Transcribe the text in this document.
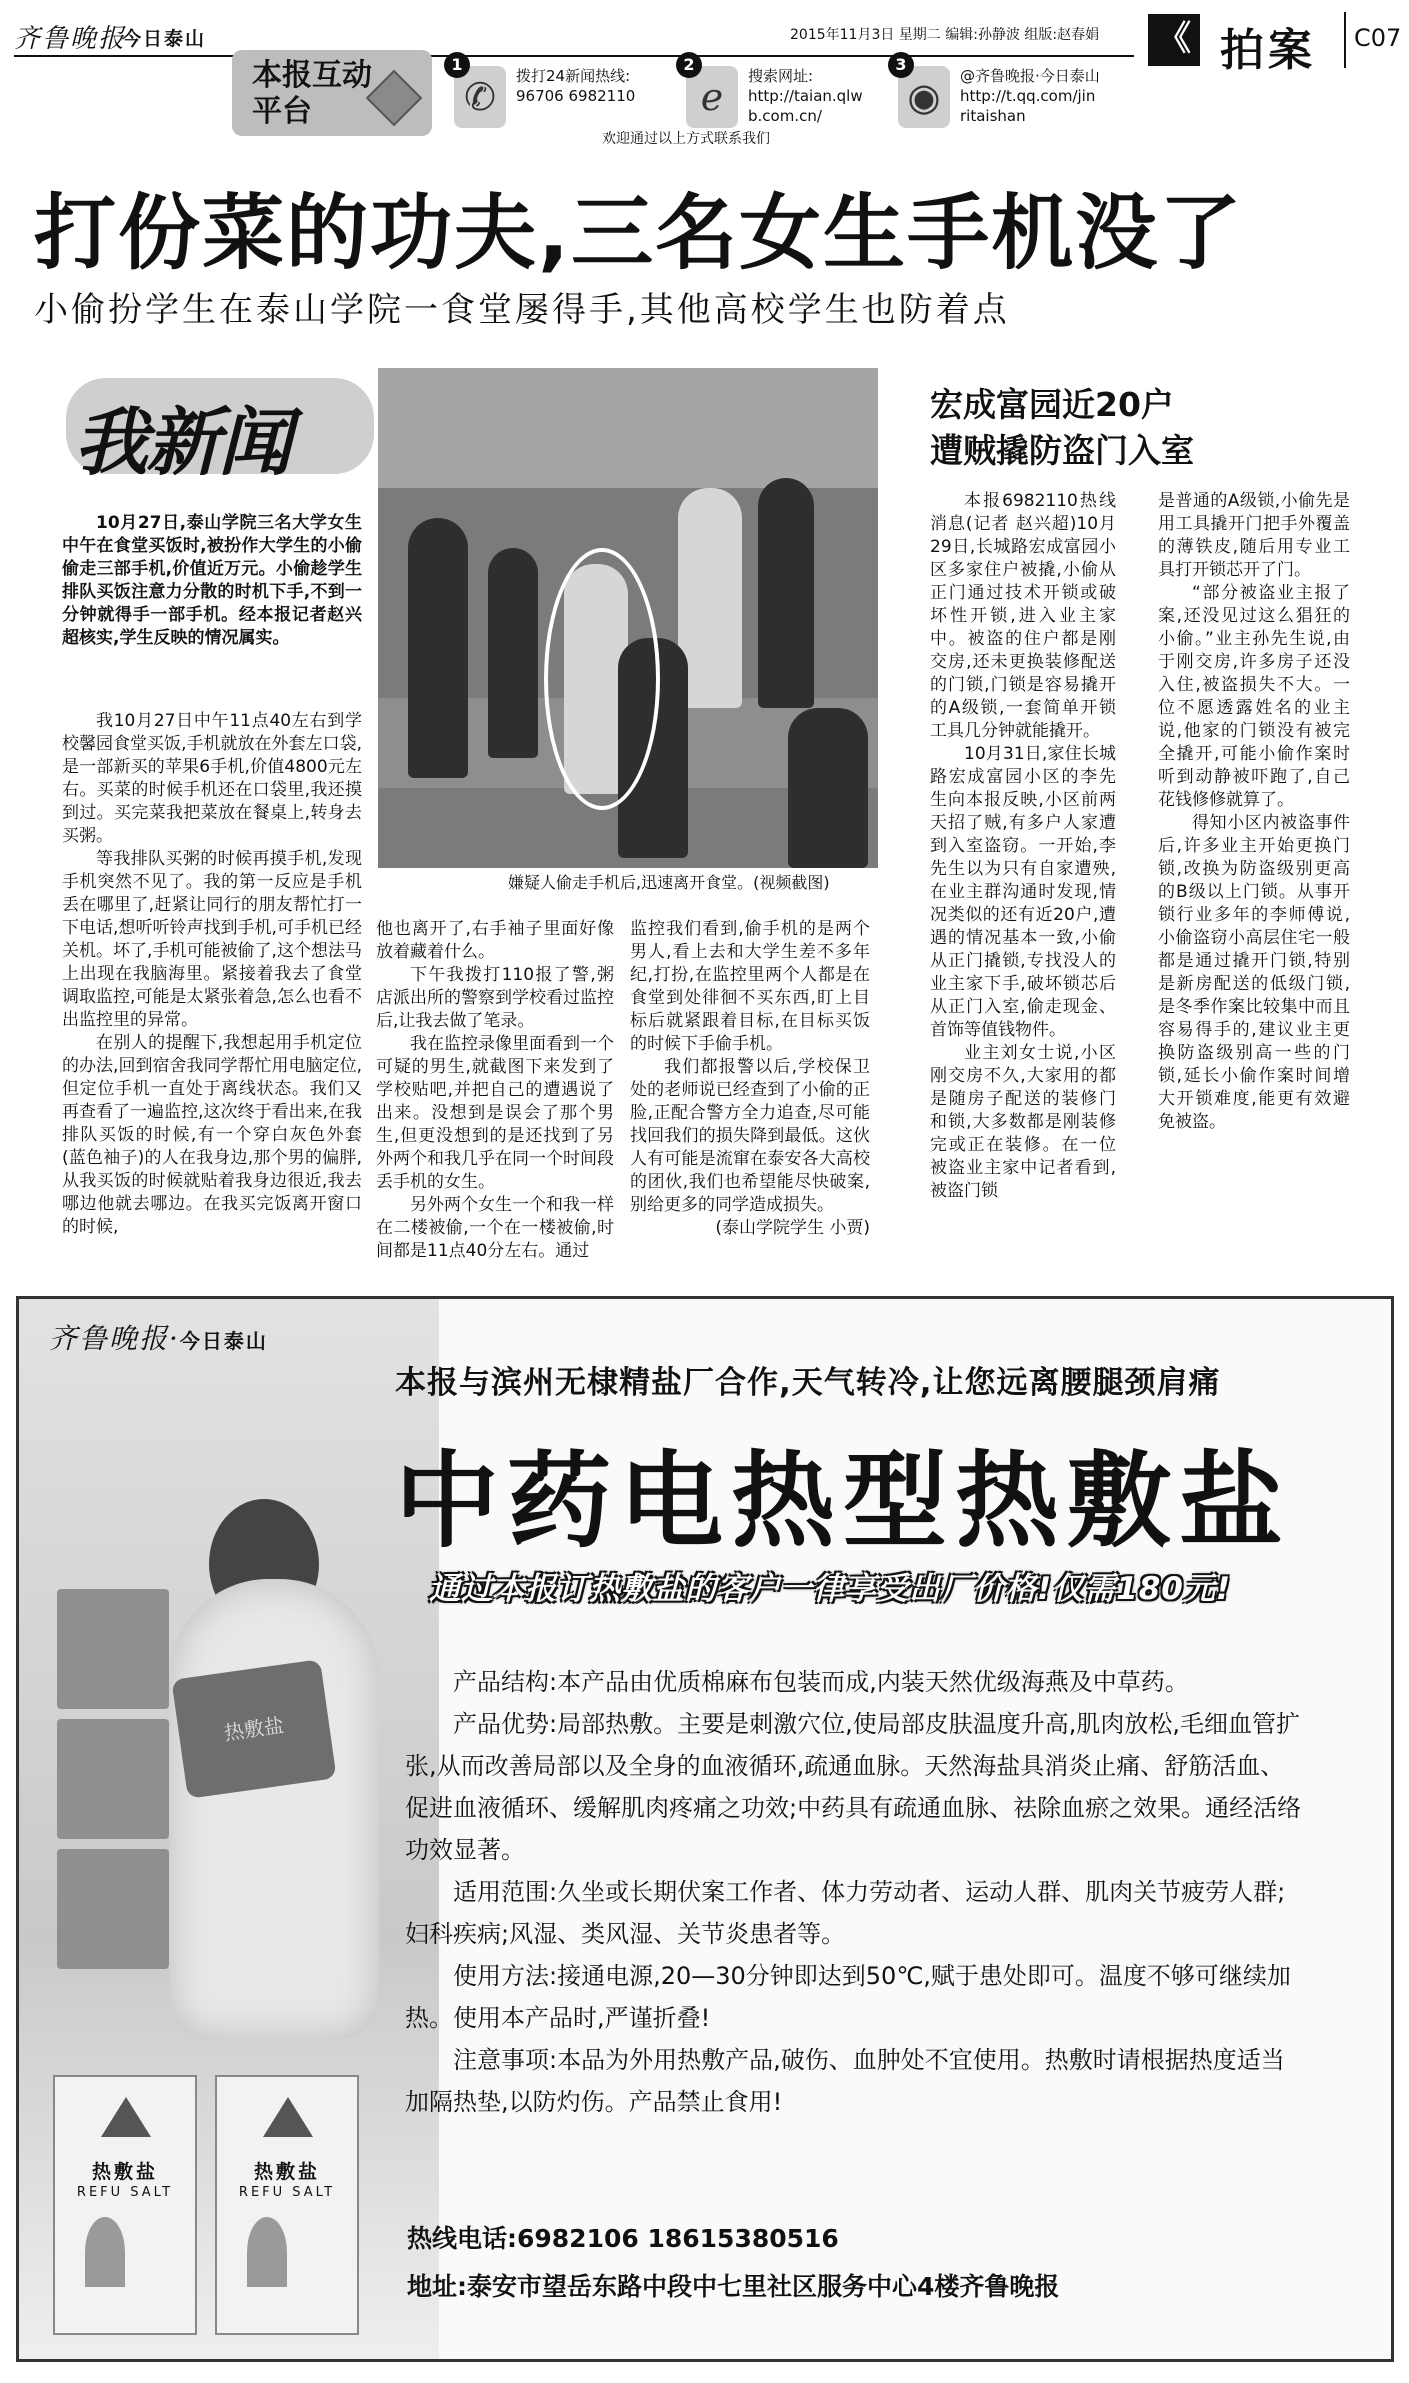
齐鲁晚报
今日泰山	2015年11月3日 星期二 编辑:孙静波 组版:赵春娟 《 拍案 C07
本报互动平台	✆
1
拨打24新闻热线:
96706 6982110	ℯ
2
搜索网址:
http://taian.qlw
b.com.cn/	◉
3
@齐鲁晚报·今日泰山
http://t.qq.com/jin
ritaishan
欢迎通过以上方式联系我们
打份菜的功夫,三名女生手机没了
小偷扮学生在泰山学院一食堂屡得手,其他高校学生也防着点
我新闻

10月27日,泰山学院三名大学女生中午在食堂买饭时,被扮作大学生的小偷偷走三部手机,价值近万元。小偷趁学生排队买饭注意力分散的时机下手,不到一分钟就得手一部手机。经本报记者赵兴超核实,学生反映的情况属实。

嫌疑人偷走手机后,迅速离开食堂。(视频截图)

我10月27日中午11点40左右到学校馨园食堂买饭,手机就放在外套左口袋,是一部新买的苹果6手机,价值4800元左右。买菜的时候手机还在口袋里,我还摸到过。买完菜我把菜放在餐桌上,转身去买粥。

等我排队买粥的时候再摸手机,发现手机突然不见了。我的第一反应是手机丢在哪里了,赶紧让同行的朋友帮忙打一下电话,想听听铃声找到手机,可手机已经关机。坏了,手机可能被偷了,这个想法马上出现在我脑海里。紧接着我去了食堂调取监控,可能是太紧张着急,怎么也看不出监控里的异常。

在别人的提醒下,我想起用手机定位的办法,回到宿舍我同学帮忙用电脑定位,但定位手机一直处于离线状态。我们又再查看了一遍监控,这次终于看出来,在我排队买饭的时候,有一个穿白灰色外套(蓝色袖子)的人在我身边,那个男的偏胖,从我买饭的时候就贴着我身边很近,我去哪边他就去哪边。在我买完饭离开窗口的时候,

他也离开了,右手袖子里面好像放着藏着什么。

下午我拨打110报了警,粥店派出所的警察到学校看过监控后,让我去做了笔录。

我在监控录像里面看到一个可疑的男生,就截图下来发到了学校贴吧,并把自己的遭遇说了出来。没想到是误会了那个男生,但更没想到的是还找到了另外两个和我几乎在同一个时间段丢手机的女生。

另外两个女生一个和我一样在二楼被偷,一个在一楼被偷,时间都是11点40分左右。通过

监控我们看到,偷手机的是两个男人,看上去和大学生差不多年纪,打扮,在监控里两个人都是在食堂到处徘徊不买东西,盯上目标后就紧跟着目标,在目标买饭的时候下手偷手机。

我们都报警以后,学校保卫处的老师说已经查到了小偷的正脸,正配合警方全力追查,尽可能找回我们的损失降到最低。这伙人有可能是流窜在泰安各大高校的团伙,我们也希望能尽快破案,别给更多的同学造成损失。

(泰山学院学生 小贾)

宏成富园近20户
遭贼撬防盗门入室

本报6982110热线消息(记者 赵兴超)10月29日,长城路宏成富园小区多家住户被撬,小偷从正门通过技术开锁或破坏性开锁,进入业主家中。被盗的住户都是刚交房,还未更换装修配送的门锁,门锁是容易撬开的A级锁,一套简单开锁工具几分钟就能撬开。

10月31日,家住长城路宏成富园小区的李先生向本报反映,小区前两天招了贼,有多户人家遭到入室盗窃。一开始,李先生以为只有自家遭殃,在业主群沟通时发现,情况类似的还有近20户,遭遇的情况基本一致,小偷从正门撬锁,专找没人的业主家下手,破坏锁芯后从正门入室,偷走现金、首饰等值钱物件。

业主刘女士说,小区刚交房不久,大家用的都是随房子配送的装修门和锁,大多数都是刚装修完或正在装修。在一位被盗业主家中记者看到,被盗门锁

是普通的A级锁,小偷先是用工具撬开门把手外覆盖的薄铁皮,随后用专业工具打开锁芯开了门。

“部分被盗业主报了案,还没见过这么猖狂的小偷。”业主孙先生说,由于刚交房,许多房子还没入住,被盗损失不大。一位不愿透露姓名的业主说,他家的门锁没有被完全撬开,可能小偷作案时听到动静被吓跑了,自己花钱修修就算了。

得知小区内被盗事件后,许多业主开始更换门锁,改换为防盗级别更高的B级以上门锁。从事开锁行业多年的李师傅说,小偷盗窃小高层住宅一般都是通过撬开门锁,特别是新房配送的低级门锁,是冬季作案比较集中而且容易得手的,建议业主更换防盗级别高一些的门锁,延长小偷作案时间增大开锁难度,能更有效避免被盗。

热敷盐
热敷盐
REFU SALT
热敷盐
REFU SALT
齐鲁晚报·今日泰山
本报与滨州无棣精盐厂合作,天气转冷,让您远离腰腿颈肩痛
中药电热型热敷盐
通过本报订热敷盐的客户一律享受出厂价格!仅需180元!

产品结构:本产品由优质棉麻布包装而成,内装天然优级海燕及中草药。

产品优势:局部热敷。主要是刺激穴位,使局部皮肤温度升高,肌肉放松,毛细血管扩张,从而改善局部以及全身的血液循环,疏通血脉。天然海盐具消炎止痛、舒筋活血、促进血液循环、缓解肌肉疼痛之功效;中药具有疏通血脉、祛除血瘀之效果。通经活络功效显著。

适用范围:久坐或长期伏案工作者、体力劳动者、运动人群、肌肉关节疲劳人群;妇科疾病;风湿、类风湿、关节炎患者等。

使用方法:接通电源,20—30分钟即达到50℃,赋于患处即可。温度不够可继续加热。使用本产品时,严谨折叠!

注意事项:本品为外用热敷产品,破伤、血肿处不宜使用。热敷时请根据热度适当加隔热垫,以防灼伤。产品禁止食用!

热线电话:6982106 18615380516
地址:泰安市望岳东路中段中七里社区服务中心4楼齐鲁晚报
